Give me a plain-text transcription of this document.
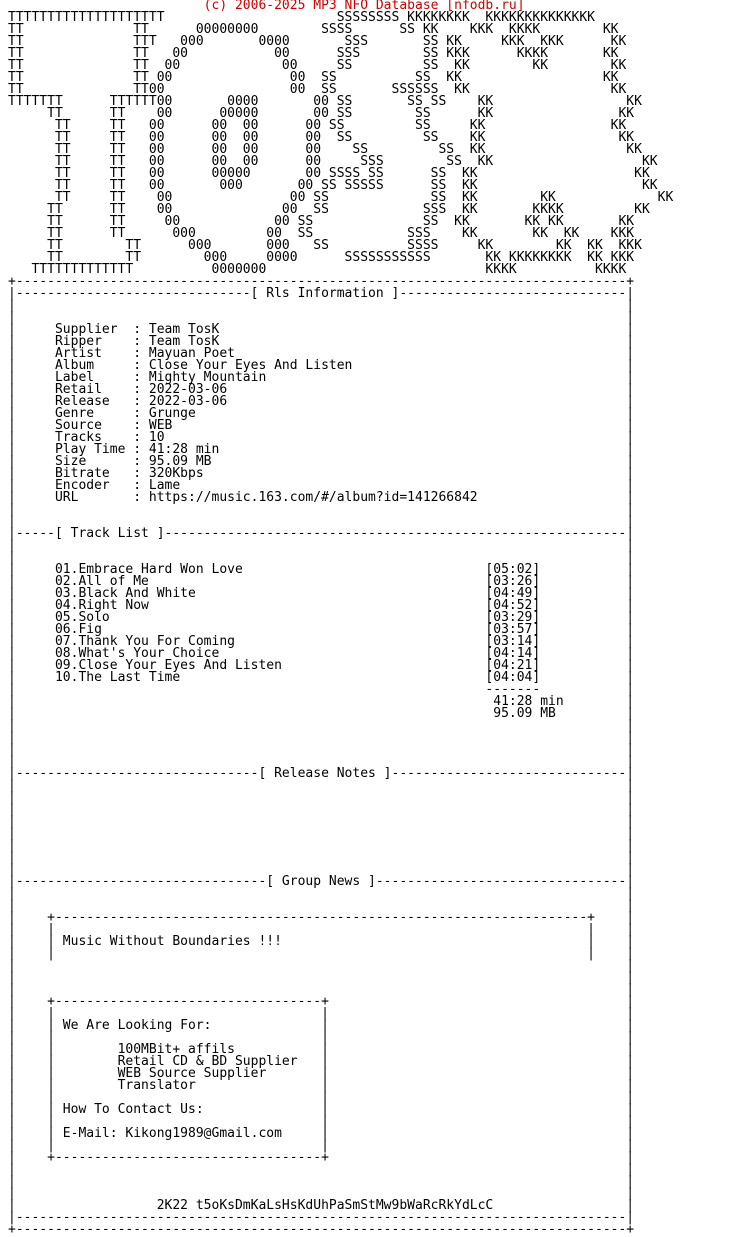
(c) 2006-2025 MP3 NFO Database [nfodb.ru]
TTTTTTTTTTTTTTTTTTTT                      SSSSSSSS KKKKKKKK  KKKKKKKKKKKKKK
TT              TT      00000000        SSSS      SS KK    KKK  KKKK        KK
TT              TTT   000       0000       SSS       SS KK     KKK  KKK      KK
TT              TT   00           00      SSS        SS KKK      KKKK       KK
TT              TT  00             00     SS         SS  KK        KK        KK
TT              TT 00               00  SS          SS  KK                  KK
TT              TT00                00  SS       SSSSSS  KK                  KK
TTTTTTT      TTTTTT00       0000       00 SS       SS SS    KK                 KK
TT      TT    00      00000       00 SS        SS      KK                KK
TT     TT   00      00  00      00 SS         SS     KK                KK
TT     TT   00      00  00      00  SS         SS    KK                 KK
TT     TT   00      00  00      00    SS         SS  KK                  KK
TT     TT   00      00  00      00     SSS        SS  KK                   KK
TT     TT   00      00000       00 SSSS SS      SS  KK                    KK
TT     TT   00       000       00 SS SSSSS      SS  KK                     KK
TT     TT    00               00 SS             SS  KK        KK             KK
TT      TT    00              00  SS            SSS  KK       KKKK         KK
TT      TT     00            00 SS              SS  KK       KK KK       KK
TT      TT      000         00  SS            SSS    KK       KK  KK    KKK
TT        TT      000       000   SS          SSSS     KK        KK  KK  KKK
TT        TT        000     0000      SSSSSSSSSSS       KK KKKKKKKK  KK KKK
TTTTTTTTTTTTT          0000000                            KKKK          KKKK
+------------------------------------------------------------------------------+
|------------------------------[ Rls Information ]-----------------------------|
|                                                                              |
|                                                                              |
|     Supplier  : Team TosK                                                    |
|     Ripper    : Team TosK                                                    |
|     Artist    : Mayuan Poet                                                  |
|     Album     : Close Your Eyes And Listen                                   |
|     Label     : Mighty Mountain                                              |
|     Retail    : 2022-03-06                                                   |
|     Release   : 2022-03-06                                                   |
|     Genre     : Grunge                                                       |
|     Source    : WEB                                                          |
|     Tracks    : 10                                                           |
|     Play Time : 41:28 min                                                    |
|     Size      : 95.09 MB                                                     |
|     Bitrate   : 320Kbps                                                      |
|     Encoder   : Lame                                                         |
|     URL       : https://music.163.com/#/album?id=141266842                   |
|                                                                              |
|                                                                              |
|-----[ Track List ]-----------------------------------------------------------|
|                                                                              |
|                                                                              |
|     01.Embrace Hard Won Love                               [05:02]           |
|     02.All of Me                                           [03:26]           |
|     03.Black And White                                     [04:49]           |
|     04.Right Now                                           [04:52]           |
|     05.Solo                                                [03:29]           |
|     06.Fig                                                 [03:57]           |
|     07.Thank You For Coming                                [03:14]           |
|     08.What's Your Choice                                  [04:14]           |
|     09.Close Your Eyes And Listen                          [04:21]           |
|     10.The Last Time                                       [04:04]           |
|                                                            -------           |
|                                                             41:28 min        |
|                                                             95.09 MB         |
|                                                                              |
|                                                                              |
|                                                                              |
|                                                                              |
|-------------------------------[ Release Notes ]------------------------------|
|                                                                              |
|                                                                              |
|                                                                              |
|                                                                              |
|                                                                              |
|                                                                              |
|                                                                              |
|                                                                              |
|--------------------------------[ Group News ]--------------------------------|
|                                                                              |
|                                                                              |
|    +--------------------------------------------------------------------+    |
|    |                                                                    |    |
|    | Music Without Boundaries !!!                                       |    |
|    |                                                                    |    |
|                                                                              |
|                                                                              |
|                                                                              |
|    +----------------------------------+                                      |
|    |                                  |                                      |
|    | We Are Looking For:              |                                      |
|    |                                  |                                      |
|    |        100MBit+ affils           |                                      |
|    |        Retail CD & BD Supplier   |                                      |
|    |        WEB Source Supplier       |                                      |
|    |        Translator                |                                      |
|    |                                  |                                      |
|    | How To Contact Us:               |                                      |
|    |                                  |                                      |
|    | E-Mail: Kikong1989@Gmail.com     |                                      |
|    |                                  |                                      |
|    +----------------------------------+                                      |
|                                                                              |
|                                                                              |
|                                                                              |
|                  2K22 t5oKsDmKaLsHsKdUhPaSmStMw9bWaRcRkYdLcC                 |
|------------------------------------------------------------------------------|
+------------------------------------------------------------------------------+
